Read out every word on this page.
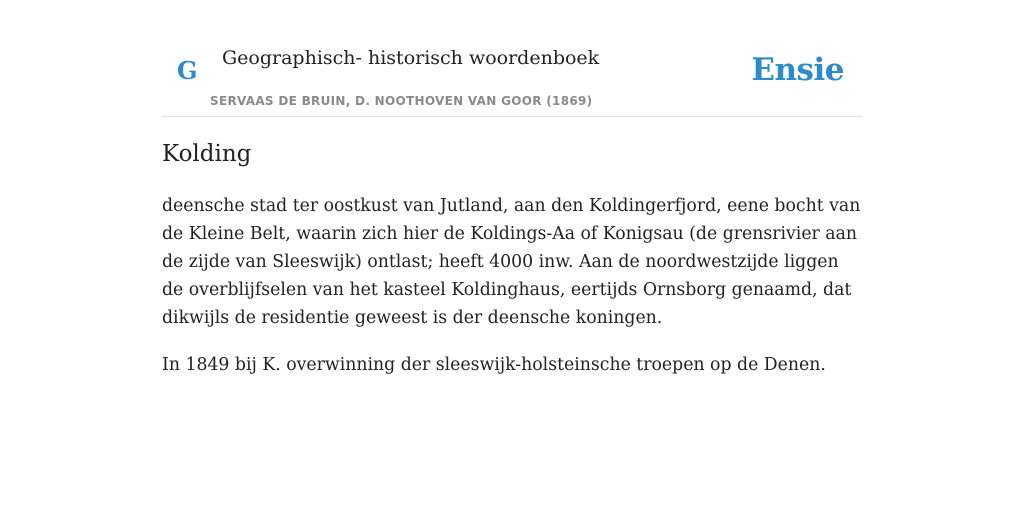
G Geographisch- historisch woordenboek
SERVAAS DE BRUIN, D. NOOTHOVEN VAN GOOR (1869)
Ensie
Kolding

deensche stad ter oostkust van Jutland, aan den Koldingerfjord, eene bocht van de Kleine Belt, waarin zich hier de Koldings-Aa of Konigsau (de grensrivier aan de zijde van Sleeswijk) ontlast; heeft 4000 inw. Aan de noordwestzijde liggen de overblijfselen van het kasteel Koldinghaus, eertijds Ornsborg genaamd, dat dikwijls de residentie geweest is der deensche koningen.

In 1849 bij K. overwinning der sleeswijk-holsteinsche troepen op de Denen.
